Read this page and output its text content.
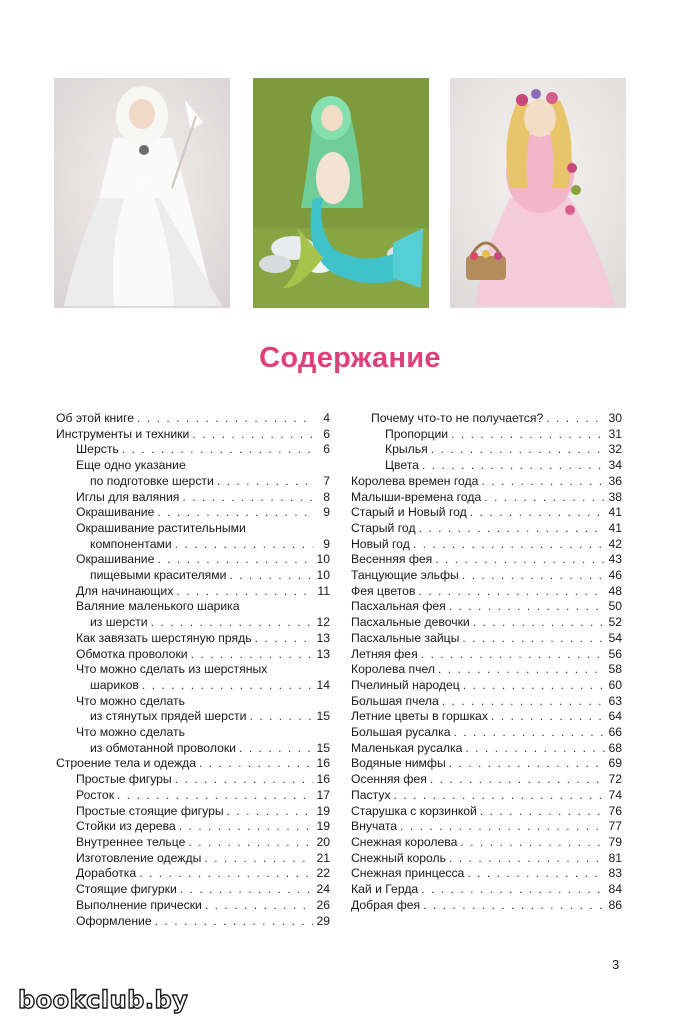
Содержание
Об этой книге . . .	4
Инструменты и техники . . .	6
Шерсть . . .	6
Еще одно указание
по подготовке шерсти . . .	7
Иглы для валяния . . .	8
Окрашивание . . .	9
Окрашивание растительными
компонентами . . .	9
Окрашивание . . .	10
пищевыми красителями . . .	10
Для начинающих . . .	11
Валяние маленького шарика
из шерсти . . .	12
Как завязать шерстяную прядь . . .	13
Обмотка проволоки . . .	13
Что можно сделать из шерстяных
шариков . . .	14
Что можно сделать
из стянутых прядей шерсти . . .	15
Что можно сделать
из обмотанной проволоки . . .	15
Строение тела и одежда . . .	16
Простые фигуры . . .	16
Росток . . .	17
Простые стоящие фигуры . . .	19
Стойки из дерева . . .	19
Внутреннее тельце . . .	20
Изготовление одежды . . .	21
Доработка . . .	22
Стоящие фигурки . . .	24
Выполнение прически . . .	26
Оформление . . .	29
Почему что-то не получается? . . .	30
Пропорции . . .	31
Крылья . . .	32
Цвета . . .	34
Королева времен года . . .	36
Малыши-времена года . . .	38
Старый и Новый год . . .	41
Старый год . . .	41
Новый год . . .	42
Весенняя фея . . .	43
Танцующие эльфы . . .	46
Фея цветов . . .	48
Пасхальная фея . . .	50
Пасхальные девочки . . .	52
Пасхальные зайцы . . .	54
Летняя фея . . .	56
Королева пчел . . .	58
Пчелиный народец . . .	60
Большая пчела . . .	63
Летние цветы в горшках . . .	64
Большая русалка . . .	66
Маленькая русалка . . .	68
Водяные нимфы . . .	69
Осенняя фея . . .	72
Пастух . . .	74
Старушка с корзинкой . . .	76
Внучата . . .	77
Снежная королева . . .	79
Снежный король . . .	81
Снежная принцесса . . .	83
Кай и Герда . . .	84
Добрая фея . . .	86
3
bookclub.by
